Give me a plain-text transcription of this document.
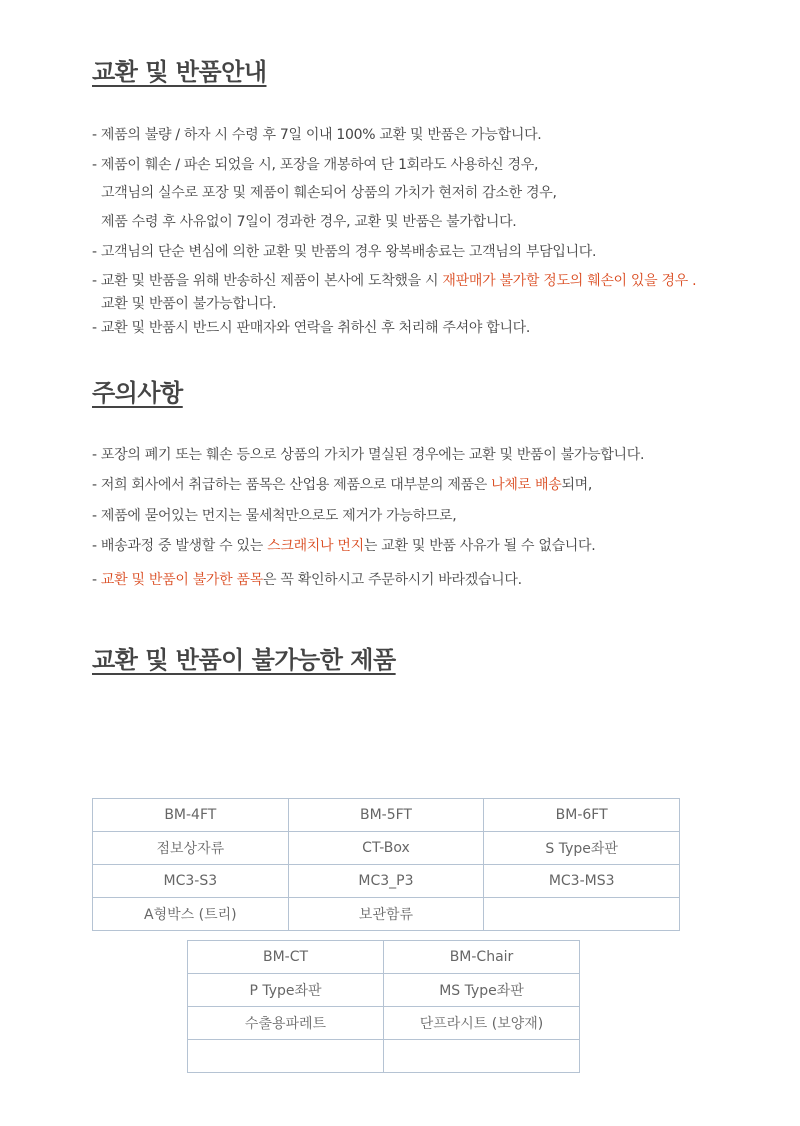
교환 및 반품안내

- 제품의 불량 / 하자 시 수령 후 7일 이내 100% 교환 및 반품은 가능합니다.

- 제품이 훼손 / 파손 되었을 시, 포장을 개봉하여 단 1회라도 사용하신 경우,

고객님의 실수로 포장 및 제품이 훼손되어 상품의 가치가 현저히 감소한 경우,

제품 수령 후 사유없이 7일이 경과한 경우, 교환 및 반품은 불가합니다.

- 고객님의 단순 변심에 의한 교환 및 반품의 경우 왕복배송료는 고객님의 부담입니다.

- 교환 및 반품을 위해 반송하신 제품이 본사에 도착했을 시 재판매가 불가할 정도의 훼손이 있을 경우 .

교환 및 반품이 불가능합니다.

- 교환 및 반품시 반드시 판매자와 연락을 취하신 후 처리해 주셔야 합니다.

주의사항

- 포장의 폐기 또는 훼손 등으로 상품의 가치가 멸실된 경우에는 교환 및 반품이 불가능합니다.

- 저희 회사에서 취급하는 품목은 산업용 제품으로 대부분의 제품은 나체로 배송되며,

- 제품에 묻어있는 먼지는 물세척만으로도 제거가 가능하므로,

- 배송과정 중 발생할 수 있는 스크래치나 먼지는 교환 및 반품 사유가 될 수 없습니다.

- 교환 및 반품이 불가한 품목은 꼭 확인하시고 주문하시기 바라겠습니다.

교환 및 반품이 불가능한 제품
BM-4FT	BM-5FT	BM-6FT
점보상자류	CT-Box	S Type좌판
MC3-S3	MC3_P3	MC3-MS3
A형박스 (트리)	보관함류	
BM-CT	BM-Chair
P Type좌판	MS Type좌판
수출용파레트	단프라시트 (보양재)
